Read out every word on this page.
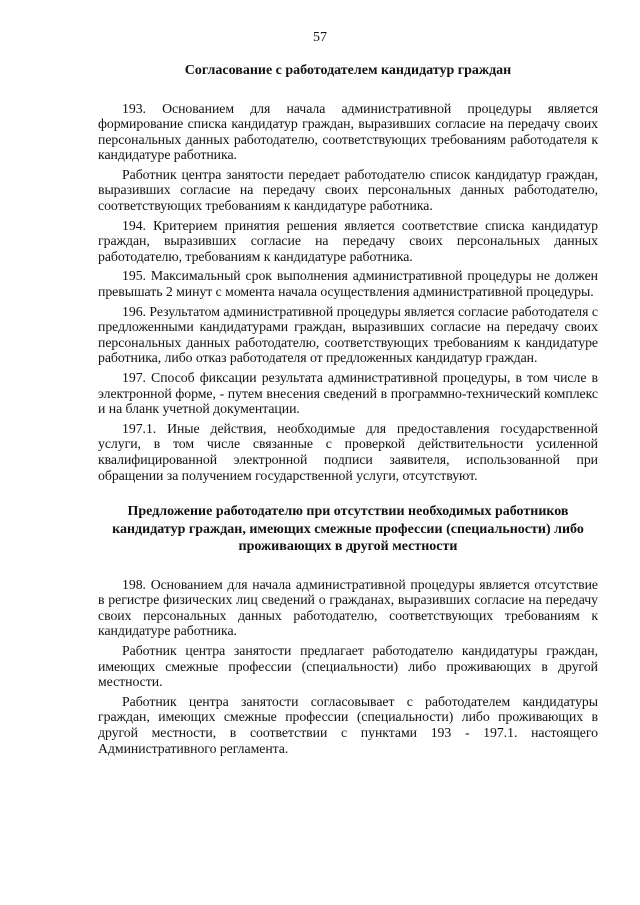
57
Согласование с работодателем кандидатур граждан

193. Основанием для начала административной процедуры является формирование списка кандидатур граждан, выразивших согласие на передачу своих персональных данных работодателю, соответствующих требованиям работодателя к кандидатуре работника.

Работник центра занятости передает работодателю список кандидатур граждан, выразивших согласие на передачу своих персональных данных работодателю, соответствующих требованиям к кандидатуре работника.

194. Критерием принятия решения является соответствие списка кандидатур граждан, выразивших согласие на передачу своих персональных данных работодателю, требованиям к кандидатуре работника.

195. Максимальный срок выполнения административной процедуры не должен превышать 2 минут с момента начала осуществления административной процедуры.

196. Результатом административной процедуры является согласие работодателя с предложенными кандидатурами граждан, выразивших согласие на передачу своих персональных данных работодателю, соответствующих требованиям к кандидатуре работника, либо отказ работодателя от предложенных кандидатур граждан.

197. Способ фиксации результата административной процедуры, в том числе в электронной форме, - путем внесения сведений в программно-технический комплекс и на бланк учетной документации.

197.1. Иные действия, необходимые для предоставления государственной услуги, в том числе связанные с проверкой действительности усиленной квалифицированной электронной подписи заявителя, использованной при обращении за получением государственной услуги, отсутствуют.

Предложение работодателю при отсутствии необходимых работников кандидатур граждан, имеющих смежные профессии (специальности) либо проживающих в другой местности

198. Основанием для начала административной процедуры является отсутствие в регистре физических лиц сведений о гражданах, выразивших согласие на передачу своих персональных данных работодателю, соответствующих требованиям к кандидатуре работника.

Работник центра занятости предлагает работодателю кандидатуры граждан, имеющих смежные профессии (специальности) либо проживающих в другой местности.

Работник центра занятости согласовывает с работодателем кандидатуры граждан, имеющих смежные профессии (специальности) либо проживающих в другой местности, в соответствии с пунктами 193 - 197.1. настоящего Административного регламента.
